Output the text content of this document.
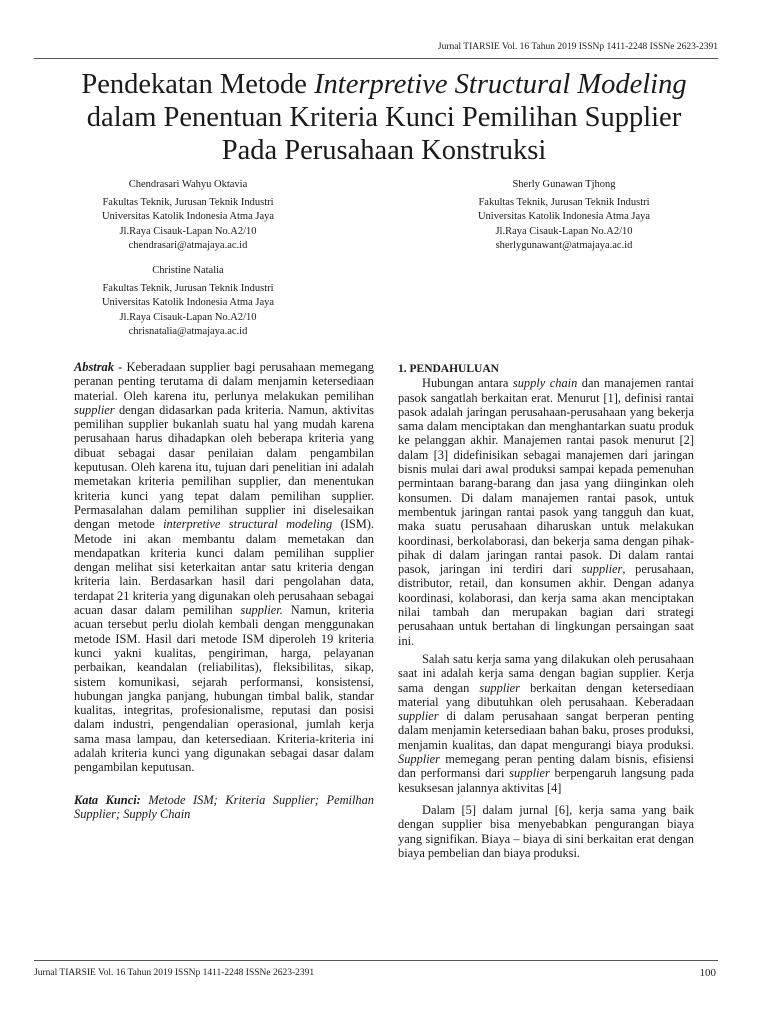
Jurnal TIARSIE Vol. 16 Tahun 2019 ISSNp 1411-2248 ISSNe 2623-2391
Pendekatan Metode Interpretive Structural Modeling
dalam Penentuan Kriteria Kunci Pemilihan Supplier
Pada Perusahaan Konstruksi
Chendrasari Wahyu Oktavia
Fakultas Teknik, Jurusan Teknik Industri
Universitas Katolik Indonesia Atma Jaya
Jl.Raya Cisauk-Lapan No.A2/10
chendrasari@atmajaya.ac.id
Sherly Gunawan Tjhong
Fakultas Teknik, Jurusan Teknik Industri
Universitas Katolik Indonesia Atma Jaya
Jl.Raya Cisauk-Lapan No.A2/10
sherlygunawant@atmajaya.ac.id
Christine Natalia
Fakultas Teknik, Jurusan Teknik Industri
Universitas Katolik Indonesia Atma Jaya
Jl.Raya Cisauk-Lapan No.A2/10
chrisnatalia@atmajaya.ac.id

Abstrak - Keberadaan supplier bagi perusahaan memegang peranan penting terutama di dalam menjamin ketersediaan material. Oleh karena itu, perlunya melakukan pemilihan supplier dengan didasarkan pada kriteria. Namun, aktivitas pemilihan supplier bukanlah suatu hal yang mudah karena perusahaan harus dihadapkan oleh beberapa kriteria yang dibuat sebagai dasar penilaian dalam pengambilan keputusan. Oleh karena itu, tujuan dari penelitian ini adalah memetakan kriteria pemilihan supplier, dan menentukan kriteria kunci yang tepat dalam pemilihan supplier. Permasalahan dalam pemilihan supplier ini diselesaikan dengan metode interpretive structural modeling (ISM). Metode ini akan membantu dalam memetakan dan mendapatkan kriteria kunci dalam pemilihan supplier dengan melihat sisi keterkaitan antar satu kriteria dengan kriteria lain. Berdasarkan hasil dari pengolahan data, terdapat 21 kriteria yang digunakan oleh perusahaan sebagai acuan dasar dalam pemilihan supplier. Namun, kriteria acuan tersebut perlu diolah kembali dengan menggunakan metode ISM. Hasil dari metode ISM diperoleh 19 kriteria kunci yakni kualitas, pengiriman, harga, pelayanan perbaikan, keandalan (reliabilitas), fleksibilitas, sikap, sistem komunikasi, sejarah performansi, konsistensi, hubungan jangka panjang, hubungan timbal balik, standar kualitas, integritas, profesionalisme, reputasi dan posisi dalam industri, pengendalian operasional, jumlah kerja sama masa lampau, dan ketersediaan. Kriteria-kriteria ini adalah kriteria kunci yang digunakan sebagai dasar dalam pengambilan keputusan.

Kata Kunci: Metode ISM; Kriteria Supplier; Pemilhan Supplier; Supply Chain

1. PENDAHULUAN

Hubungan antara supply chain dan manajemen rantai pasok sangatlah berkaitan erat. Menurut [1], definisi rantai pasok adalah jaringan perusahaan-perusahaan yang bekerja sama dalam menciptakan dan menghantarkan suatu produk ke pelanggan akhir. Manajemen rantai pasok menurut [2] dalam [3] didefinisikan sebagai manajemen dari jaringan bisnis mulai dari awal produksi sampai kepada pemenuhan permintaan barang-barang dan jasa yang diinginkan oleh konsumen. Di dalam manajemen rantai pasok, untuk membentuk jaringan rantai pasok yang tangguh dan kuat, maka suatu perusahaan diharuskan untuk melakukan koordinasi, berkolaborasi, dan bekerja sama dengan pihak-pihak di dalam jaringan rantai pasok. Di dalam rantai pasok, jaringan ini terdiri dari supplier, perusahaan, distributor, retail, dan konsumen akhir. Dengan adanya koordinasi, kolaborasi, dan kerja sama akan menciptakan nilai tambah dan merupakan bagian dari strategi perusahaan untuk bertahan di lingkungan persaingan saat ini.

Salah satu kerja sama yang dilakukan oleh perusahaan saat ini adalah kerja sama dengan bagian supplier. Kerja sama dengan supplier berkaitan dengan ketersediaan material yang dibutuhkan oleh perusahaan. Keberadaan supplier di dalam perusahaan sangat berperan penting dalam menjamin ketersediaan bahan baku, proses produksi, menjamin kualitas, dan dapat mengurangi biaya produksi. Supplier memegang peran penting dalam bisnis, efisiensi dan performansi dari supplier berpengaruh langsung pada kesuksesan jalannya aktivitas [4]

Dalam [5] dalam jurnal [6], kerja sama yang baik dengan supplier bisa menyebabkan pengurangan biaya yang signifikan. Biaya – biaya di sini berkaitan erat dengan biaya pembelian dan biaya produksi.

Jurnal TIARSIE Vol. 16 Tahun 2019 ISSNp 1411-2248 ISSNe 2623-2391	100
